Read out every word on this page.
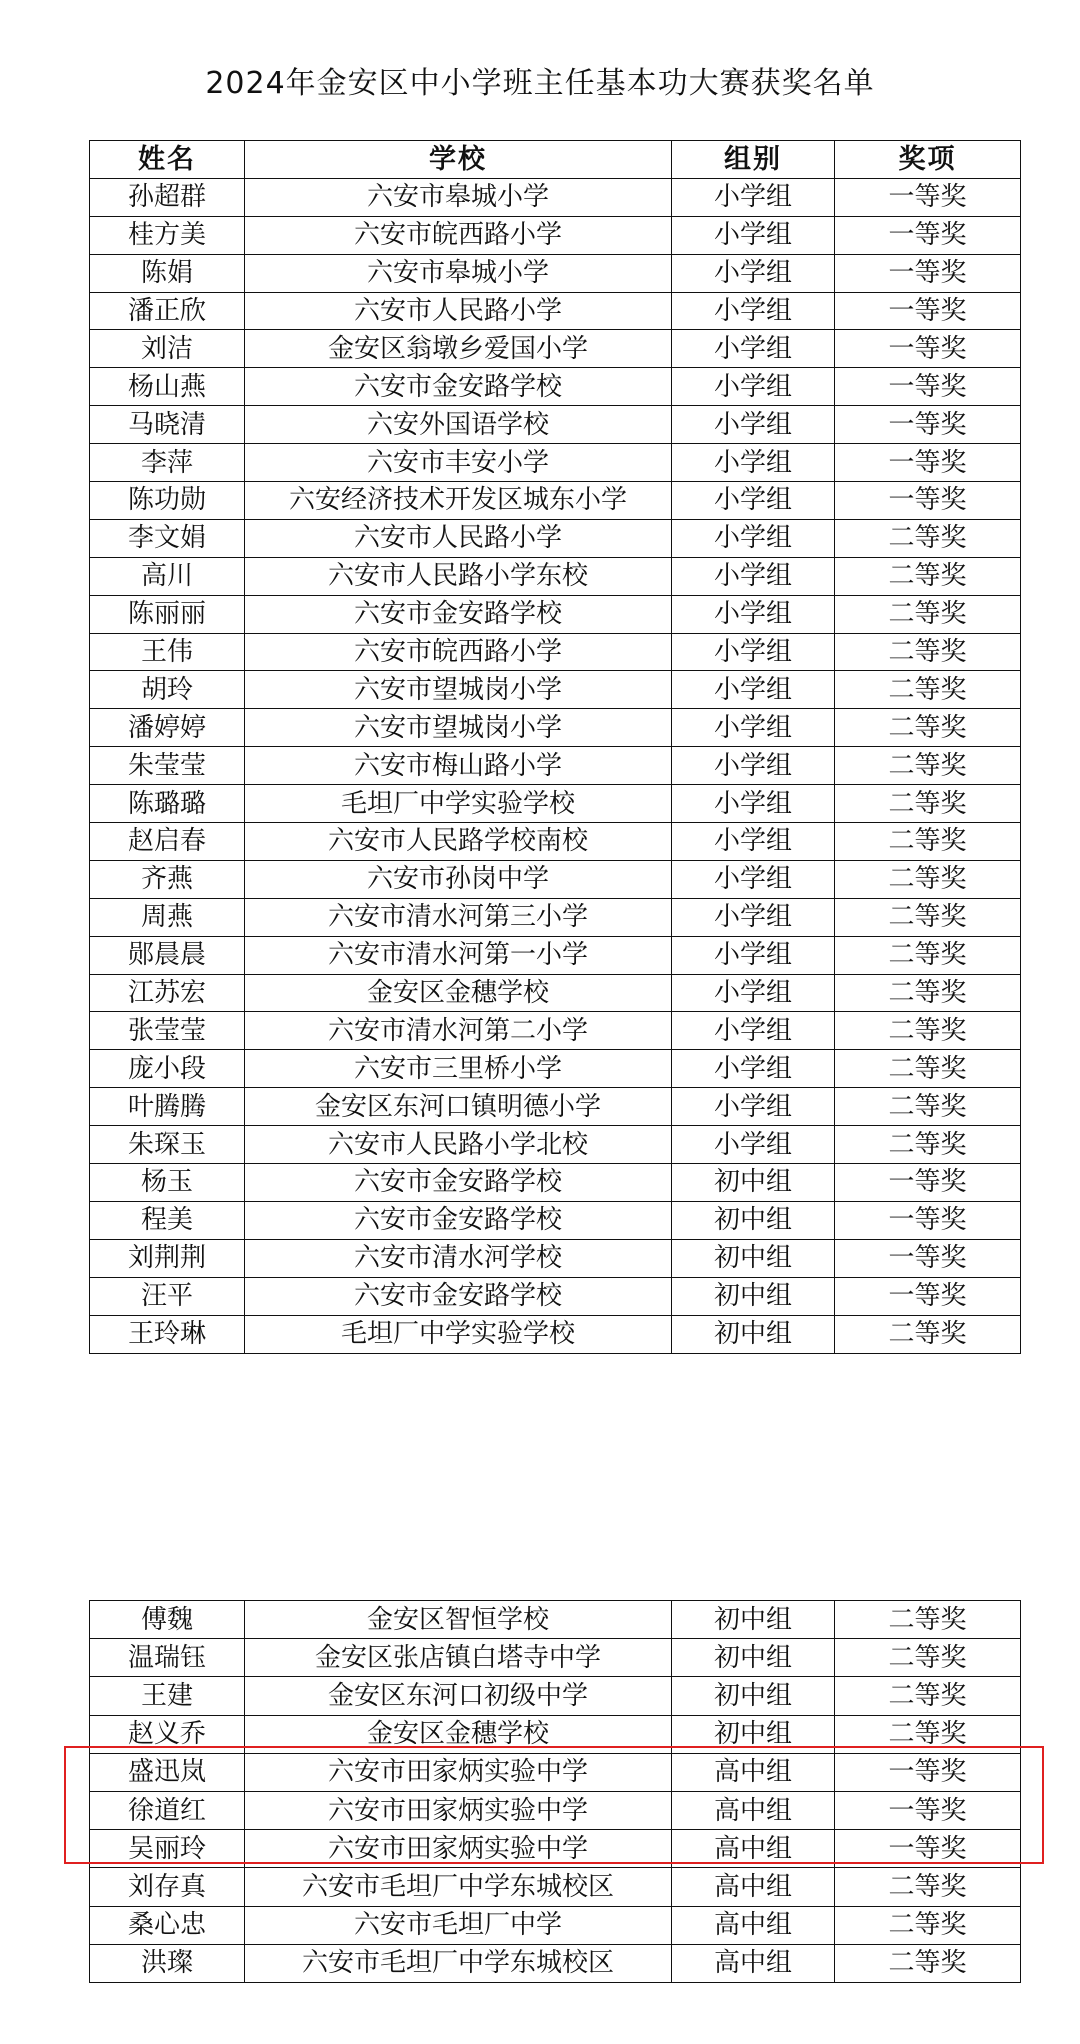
2024年金安区中小学班主任基本功大赛获奖名单
姓名	学校	组别	奖项
孙超群	六安市皋城小学	小学组	一等奖
桂方美	六安市皖西路小学	小学组	一等奖
陈娟	六安市皋城小学	小学组	一等奖
潘正欣	六安市人民路小学	小学组	一等奖
刘洁	金安区翁墩乡爱国小学	小学组	一等奖
杨山燕	六安市金安路学校	小学组	一等奖
马晓清	六安外国语学校	小学组	一等奖
李萍	六安市丰安小学	小学组	一等奖
陈功勋	六安经济技术开发区城东小学	小学组	一等奖
李文娟	六安市人民路小学	小学组	二等奖
高川	六安市人民路小学东校	小学组	二等奖
陈丽丽	六安市金安路学校	小学组	二等奖
王伟	六安市皖西路小学	小学组	二等奖
胡玲	六安市望城岗小学	小学组	二等奖
潘婷婷	六安市望城岗小学	小学组	二等奖
朱莹莹	六安市梅山路小学	小学组	二等奖
陈璐璐	毛坦厂中学实验学校	小学组	二等奖
赵启春	六安市人民路学校南校	小学组	二等奖
齐燕	六安市孙岗中学	小学组	二等奖
周燕	六安市清水河第三小学	小学组	二等奖
郧晨晨	六安市清水河第一小学	小学组	二等奖
江苏宏	金安区金穗学校	小学组	二等奖
张莹莹	六安市清水河第二小学	小学组	二等奖
庞小段	六安市三里桥小学	小学组	二等奖
叶腾腾	金安区东河口镇明德小学	小学组	二等奖
朱琛玉	六安市人民路小学北校	小学组	二等奖
杨玉	六安市金安路学校	初中组	一等奖
程美	六安市金安路学校	初中组	一等奖
刘荆荆	六安市清水河学校	初中组	一等奖
汪平	六安市金安路学校	初中组	一等奖
王玲琳	毛坦厂中学实验学校	初中组	二等奖
傅魏	金安区智恒学校	初中组	二等奖
温瑞钰	金安区张店镇白塔寺中学	初中组	二等奖
王建	金安区东河口初级中学	初中组	二等奖
赵义乔	金安区金穗学校	初中组	二等奖
盛迅岚	六安市田家炳实验中学	高中组	一等奖
徐道红	六安市田家炳实验中学	高中组	一等奖
吴丽玲	六安市田家炳实验中学	高中组	一等奖
刘存真	六安市毛坦厂中学东城校区	高中组	二等奖
桑心忠	六安市毛坦厂中学	高中组	二等奖
洪璨	六安市毛坦厂中学东城校区	高中组	二等奖
